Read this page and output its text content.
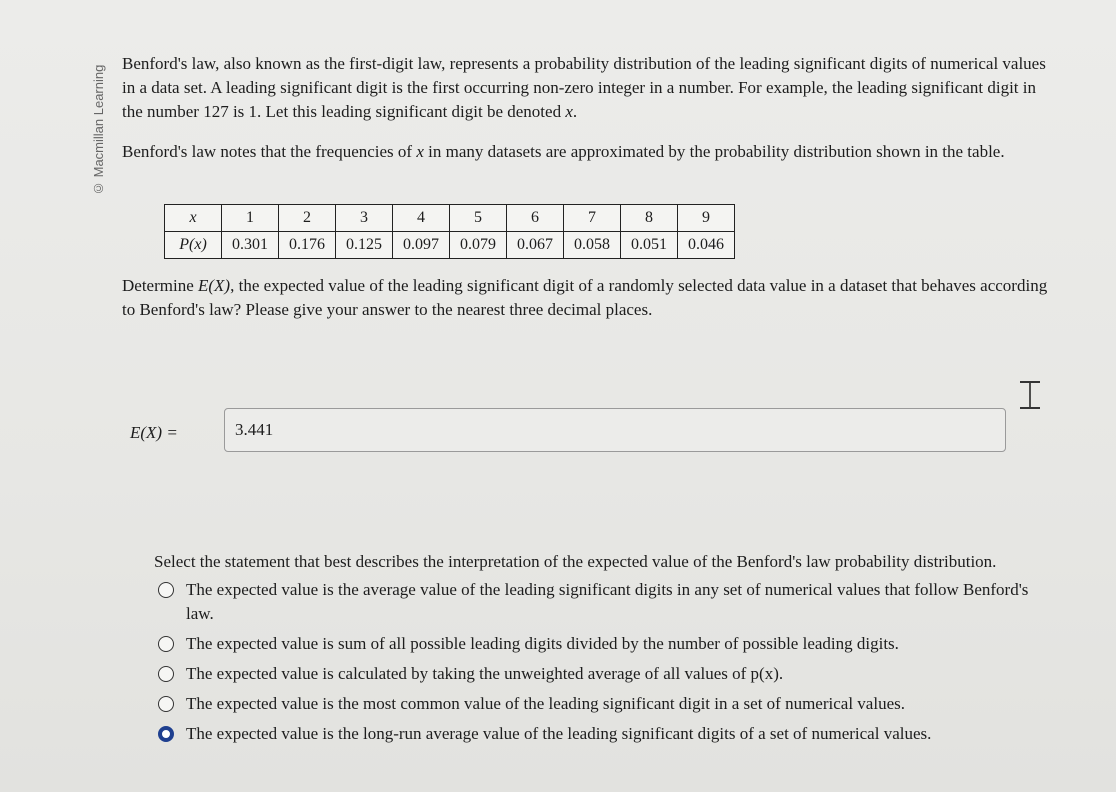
© Macmillan Learning

Benford's law, also known as the first-digit law, represents a probability distribution of the leading significant digits of numerical values in a data set. A leading significant digit is the first occurring non-zero integer in a number. For example, the leading significant digit in the number 127 is 1. Let this leading significant digit be denoted x.

Benford's law notes that the frequencies of x in many datasets are approximated by the probability distribution shown in the table.

x	1	2	3	4	5	6	7	8	9
P(x)	0.301	0.176	0.125	0.097	0.079	0.067	0.058	0.051	0.046
Determine E(X), the expected value of the leading significant digit of a randomly selected data value in a dataset that behaves according to Benford's law? Please give your answer to the nearest three decimal places.
⌶
E(X) =
3.441

Select the statement that best describes the interpretation of the expected value of the Benford's law probability distribution.

The expected value is the average value of the leading significant digits in any set of numerical values that follow Benford's law.
The expected value is sum of all possible leading digits divided by the number of possible leading digits.
The expected value is calculated by taking the unweighted average of all values of p(x).
The expected value is the most common value of the leading significant digit in a set of numerical values.
The expected value is the long-run average value of the leading significant digits of a set of numerical values.
